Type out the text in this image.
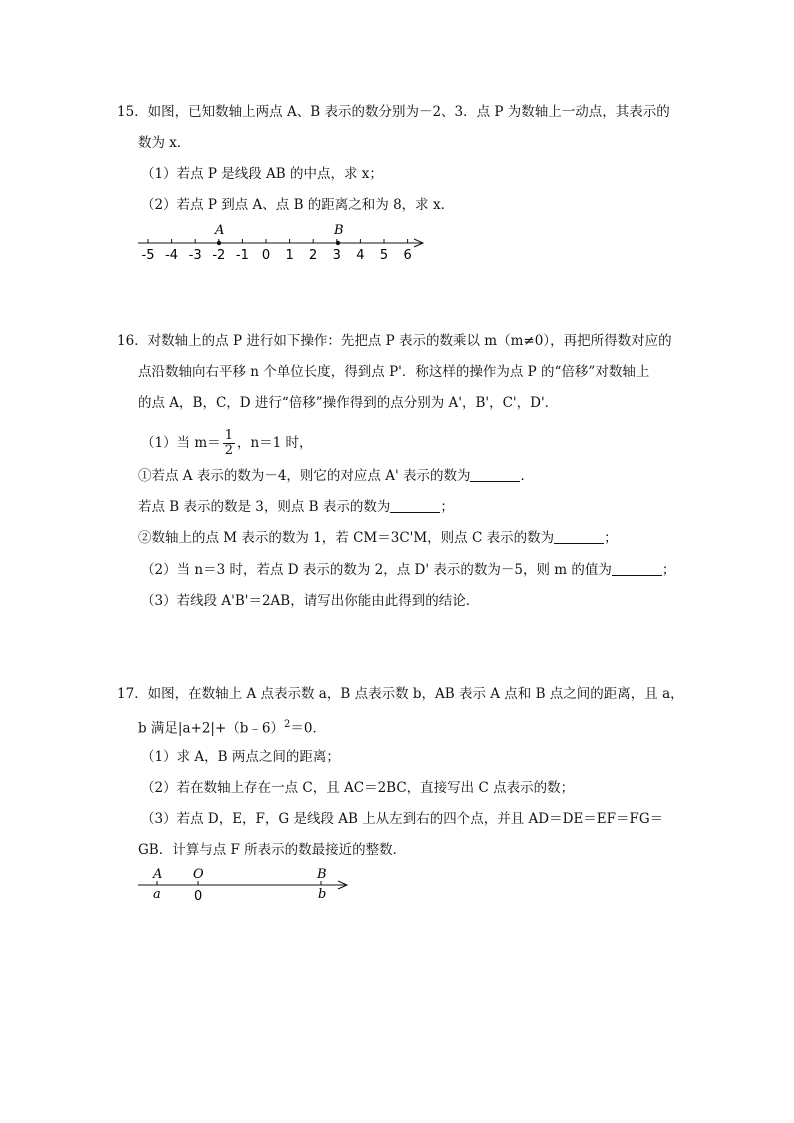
15．如图，已知数轴上两点 A、B 表示的数分别为－2、3．点 P 为数轴上一动点，其表示的
数为 x．
（1）若点 P 是线段 AB 的中点，求 x；
（2）若点 P 到点 A、点 B 的距离之和为 8，求 x．
-5 -4 -3 -2 -1 0 1 2 3 4 5 6
A	B
16．对数轴上的点 P 进行如下操作：先把点 P 表示的数乘以 m（m≠0），再把所得数对应的
点沿数轴向右平移 n 个单位长度，得到点 P'．称这样的操作为点 P 的“倍移”对数轴上
的点 A，B，C，D 进行“倍移”操作得到的点分别为 A'，B'，C'，D'．
（1）当 $m= \frac{1}{2}$ ，n＝1 时，
①若点 A 表示的数为－4，则它的对应点 A' 表示的数为	．
若点 B 表示的数是 3，则点 B 表示的数为	；
②数轴上的点 M 表示的数为 1，若 CM＝3C'M，则点 C 表示的数为	；
（2）当 n＝3 时，若点 D 表示的数为 2，点 D' 表示的数为－5，则 m 的值为	；
（3）若线段 A'B'＝2AB，请写出你能由此得到的结论．
17．如图，在数轴上 A 点表示数 a，B 点表示数 b，AB 表示 A 点和 B 点之间的距离，且 a，
b 满足|a+2|+（b﹣6）$^2$＝0．
（1）求 A，B 两点之间的距离；
（2）若在数轴上存在一点 C，且 AC＝2BC，直接写出 C 点表示的数；
（3）若点 D，E，F，G 是线段 AB 上从左到右的四个点，并且 AD＝DE＝EF＝FG＝
GB．计算与点 F 所表示的数最接近的整数．
A O	B
a	0	b
